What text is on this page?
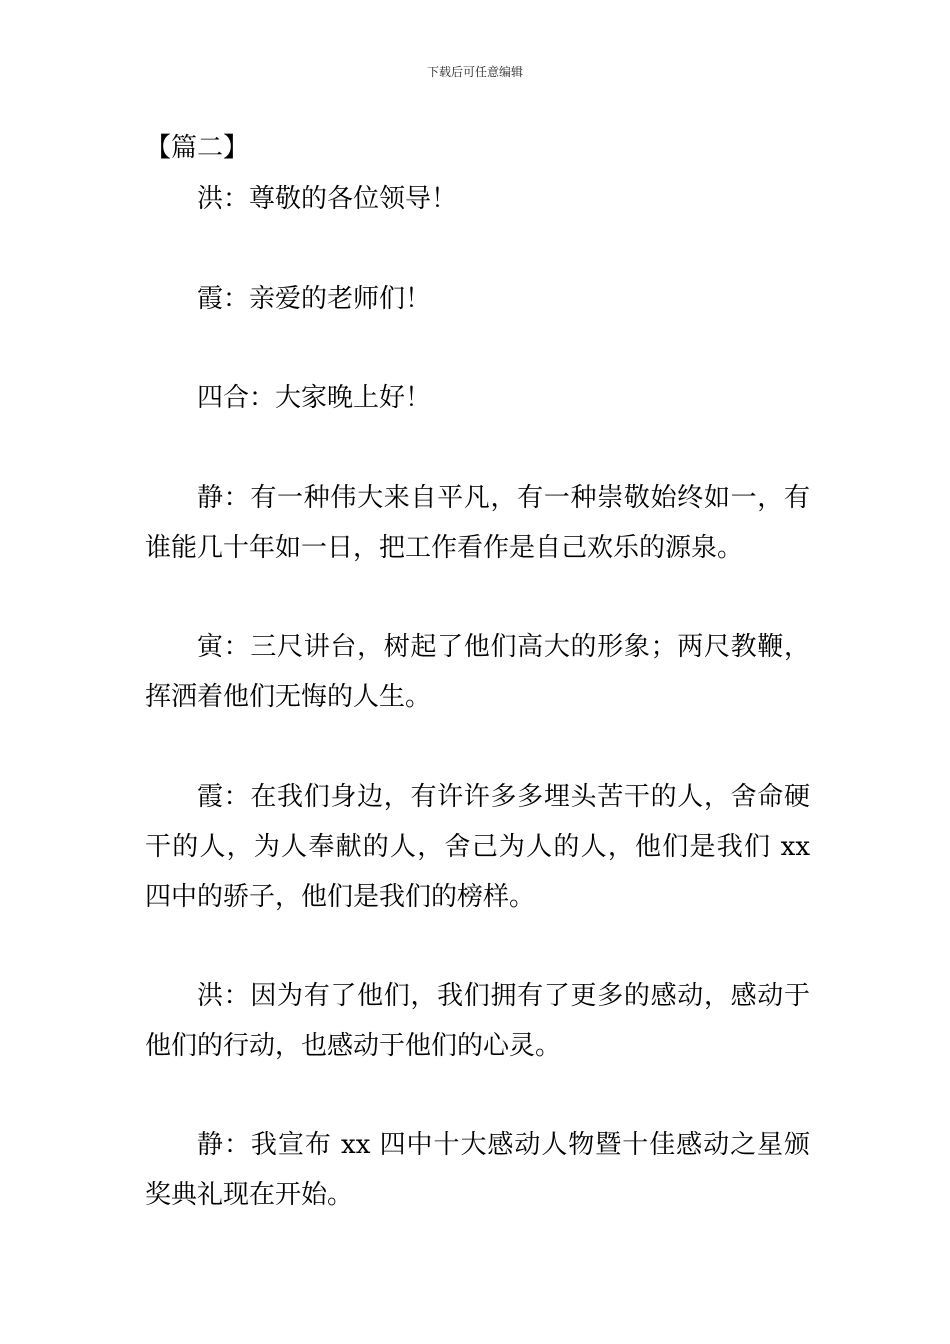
下载后可任意编辑
【篇二】

洪：尊敬的各位领导！

霞：亲爱的老师们！

四合：大家晚上好！

静：有一种伟大来自平凡，有一种崇敬始终如一，有谁能几十年如一日，把工作看作是自己欢乐的源泉。

寅：三尺讲台，树起了他们高大的形象；两尺教鞭，挥洒着他们无悔的人生。

霞：在我们身边，有许许多多埋头苦干的人，舍命硬干的人，为人奉献的人，舍己为人的人，他们是我们 xx 四中的骄子，他们是我们的榜样。

洪：因为有了他们，我们拥有了更多的感动，感动于他们的行动，也感动于他们的心灵。

静：我宣布 xx 四中十大感动人物暨十佳感动之星颁奖典礼现在开始。
